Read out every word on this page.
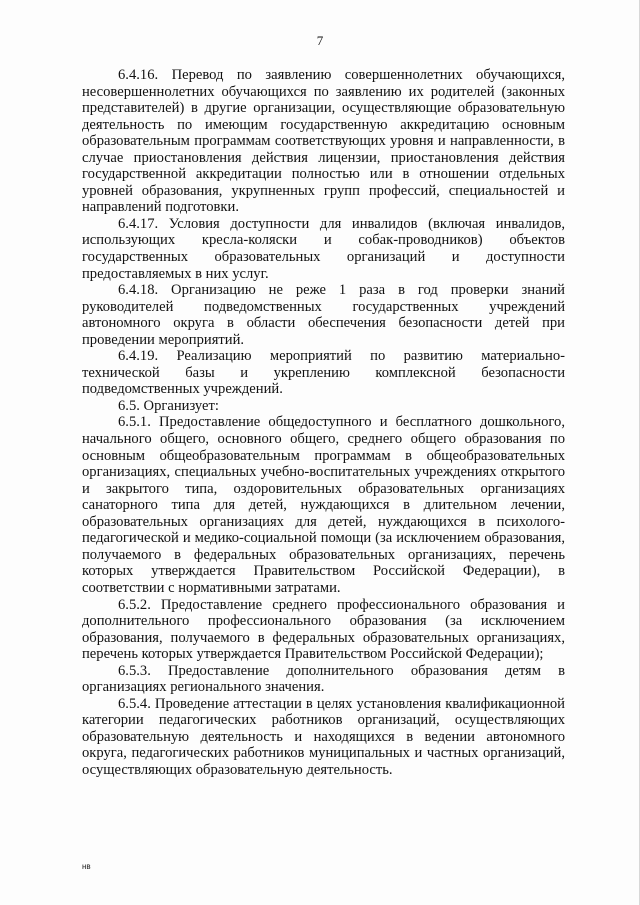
7

6.4.16. Перевод по заявлению совершеннолетних обучающихся, несовершеннолетних обучающихся по заявлению их родителей (законных представителей) в другие организации, осуществляющие образовательную деятельность по имеющим государственную аккредитацию основным образовательным программам соответствующих уровня и направленности, в случае приостановления действия лицензии, приостановления действия государственной аккредитации полностью или в отношении отдельных уровней образования, укрупненных групп профессий, специальностей и направлений подготовки.

6.4.17. Условия доступности для инвалидов (включая инвалидов, использующих кресла-коляски и собак-проводников) объектов государственных образовательных организаций и доступности предоставляемых в них услуг.

6.4.18. Организацию не реже 1 раза в год проверки знаний руководителей подведомственных государственных учреждений автономного округа в области обеспечения безопасности детей при проведении мероприятий.

6.4.19. Реализацию мероприятий по развитию материально-технической базы и укреплению комплексной безопасности подведомственных учреждений.

6.5. Организует:

6.5.1. Предоставление общедоступного и бесплатного дошкольного, начального общего, основного общего, среднего общего образования по основным общеобразовательным программам в общеобразовательных организациях, специальных учебно-воспитательных учреждениях открытого и закрытого типа, оздоровительных образовательных организациях санаторного типа для детей, нуждающихся в длительном лечении, образовательных организациях для детей, нуждающихся в психолого-педагогической и медико-социальной помощи (за исключением образования, получаемого в федеральных образовательных организациях, перечень которых утверждается Правительством Российской Федерации), в соответствии с нормативными затратами.

6.5.2. Предоставление среднего профессионального образования и дополнительного профессионального образования (за исключением образования, получаемого в федеральных образовательных организациях, перечень которых утверждается Правительством Российской Федерации);

6.5.3. Предоставление дополнительного образования детям в организациях регионального значения.

6.5.4. Проведение аттестации в целях установления квалификационной категории педагогических работников организаций, осуществляющих образовательную деятельность и находящихся в ведении автономного округа, педагогических работников муниципальных и частных организаций, осуществляющих образовательную деятельность.

нв
